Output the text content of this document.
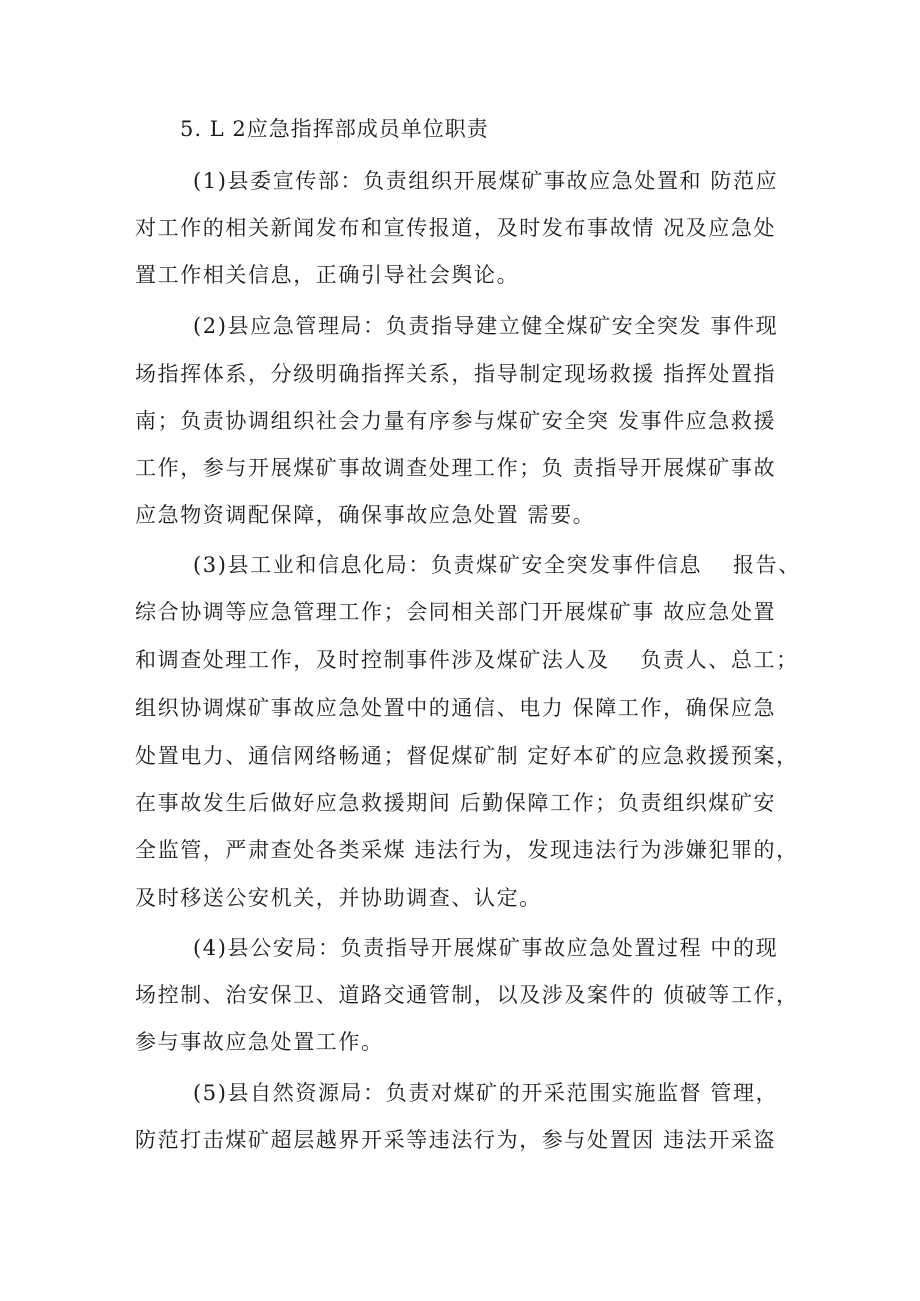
5. L 2应急指挥部成员单位职责
(1)县委宣传部：负责组织开展煤矿事故应急处置和 防范应
对工作的相关新闻发布和宣传报道，及时发布事故情 况及应急处
置工作相关信息，正确引导社会舆论。
(2)县应急管理局：负责指导建立健全煤矿安全突发 事件现
场指挥体系，分级明确指挥关系，指导制定现场救援 指挥处置指
南；负责协调组织社会力量有序参与煤矿安全突 发事件应急救援
工作，参与开展煤矿事故调查处理工作；负 责指导开展煤矿事故
应急物资调配保障，确保事故应急处置 需要。
(3)县工业和信息化局：负责煤矿安全突发事件信息　 报告、
综合协调等应急管理工作；会同相关部门开展煤矿事 故应急处置
和调查处理工作，及时控制事件涉及煤矿法人及　 负责人、总工；
组织协调煤矿事故应急处置中的通信、电力 保障工作，确保应急
处置电力、通信网络畅通；督促煤矿制 定好本矿的应急救援预案，
在事故发生后做好应急救援期间 后勤保障工作；负责组织煤矿安
全监管，严肃查处各类采煤 违法行为，发现违法行为涉嫌犯罪的，
及时移送公安机关，并协助调查、认定。
(4)县公安局：负责指导开展煤矿事故应急处置过程 中的现
场控制、治安保卫、道路交通管制，以及涉及案件的 侦破等工作，
参与事故应急处置工作。
(5)县自然资源局：负责对煤矿的开采范围实施监督 管理，
防范打击煤矿超层越界开采等违法行为，参与处置因 违法开采盗
